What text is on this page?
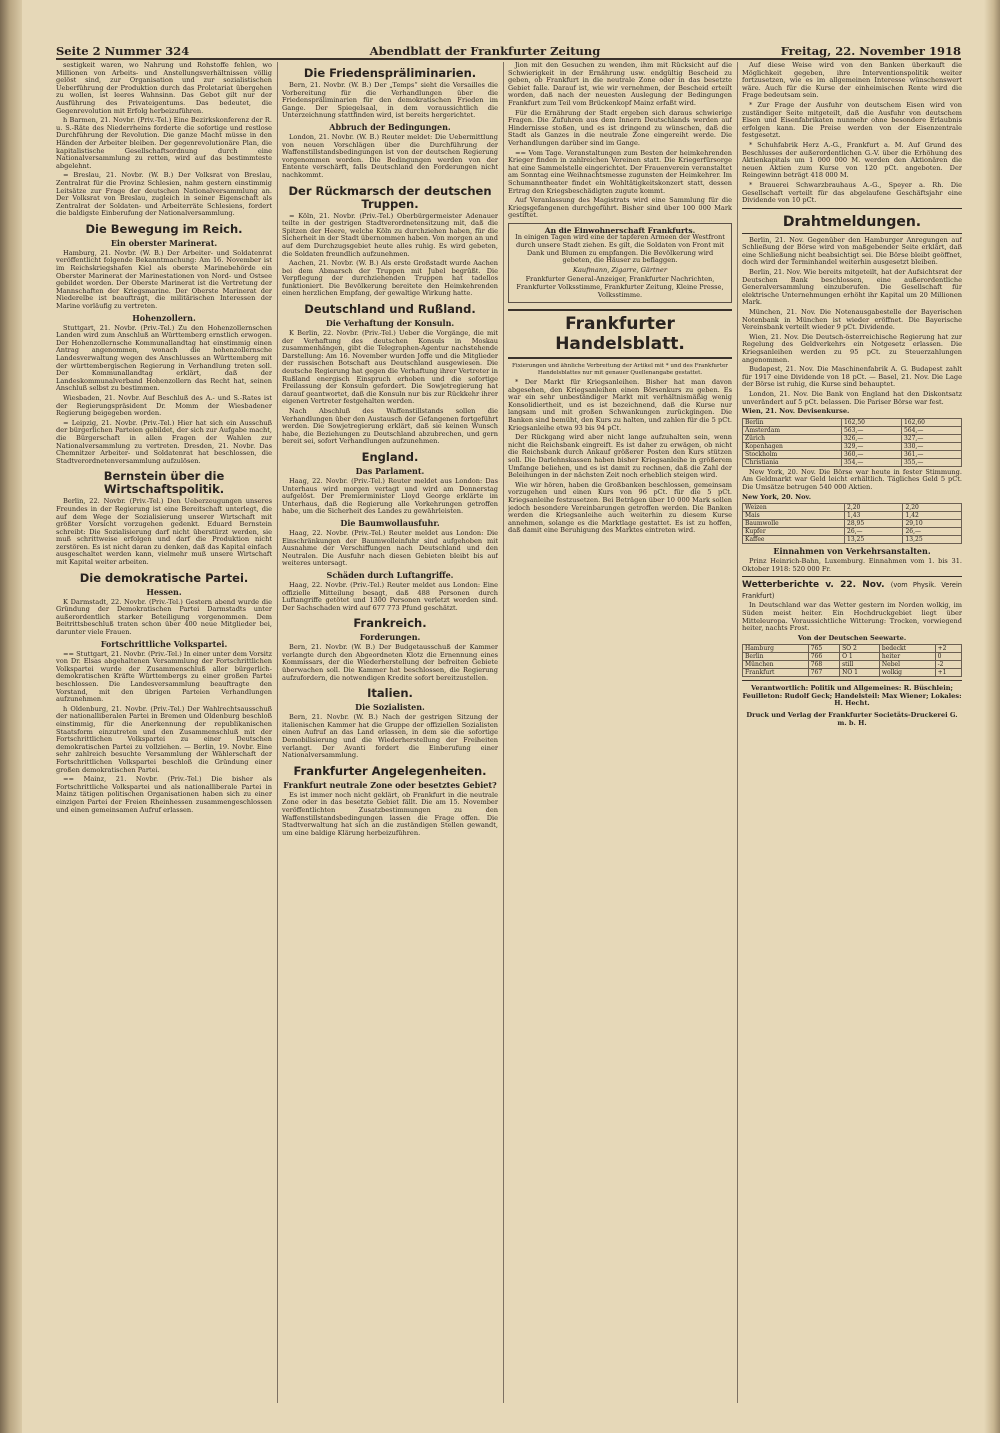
Seite 2 Nummer 324	Abendblatt der Frankfurter Zeitung	Freitag, 22. November 1918

sestigkeit waren, wo Nahrung und Rohstoffe fehlen, wo Millionen von Arbeits- und Anstellungsverhältnissen völlig gelöst sind, zur Organisation und zur sozialistischen Ueberführung der Produktion durch das Proletariat übergehen zu wollen, ist leeres Wahnsinn. Das Gebot gilt nur der Ausführung des Privateigentums. Das bedeutet, die Gegenrevolution mit Erfolg herbeizuführen.

h Barmen, 21. Novbr. (Priv.-Tel.) Eine Bezirkskonferenz der R. u. S.-Räte des Niederrheins forderte die sofortige und restlose Durchführung der Revolution. Die ganze Macht müsse in den Händen der Arbeiter bleiben. Der gegenrevolutionäre Plan, die kapitalistische Gesellschaftsordnung durch eine Nationalversammlung zu retten, wird auf das bestimmteste abgelehnt.

= Breslau, 21. Novbr. (W. B.) Der Volksrat von Breslau, Zentralrat für die Provinz Schlesien, nahm gestern einstimmig Leitsätze zur Frage der deutschen Nationalversammlung an. Der Volksrat von Breslau, zugleich in seiner Eigenschaft als Zentralrat der Soldaten- und Arbeiterräte Schlesiens, fordert die baldigste Einberufung der Nationalversammlung.

Die Bewegung im Reich.
Ein oberster Marinerat.

Hamburg, 21. Novbr. (W. B.) Der Arbeiter- und Soldatenrat veröffentlicht folgende Bekanntmachung: Am 16. November ist im Reichskriegshafen Kiel als oberste Marinebehörde ein Oberster Marinerat der Marinestationen von Nord- und Ostsee gebildet worden. Der Oberste Marinerat ist die Vertretung der Mannschaften der Kriegsmarine. Der Oberste Marinerat der Niederelbe ist beauftragt, die militärischen Interessen der Marine vorläufig zu vertreten.

Hohenzollern.

Stuttgart, 21. Novbr. (Priv.-Tel.) Zu den Hohenzollernschen Landen wird zum Anschluß an Württemberg ernstlich erwogen. Der Hohenzollernsche Kommunallandtag hat einstimmig einen Antrag angenommen, wonach die hohenzollernsche Landesverwaltung wegen des Anschlusses an Württemberg mit der württembergischen Regierung in Verhandlung treten soll. Der Kommunallandtag erklärt, daß der Landeskommunalverband Hohenzollern das Recht hat, seinen Anschluß selbst zu bestimmen.

Wiesbaden, 21. Novbr. Auf Beschluß des A.- und S.-Rates ist der Regierungspräsident Dr. Momm der Wiesbadener Regierung beigegeben worden.

= Leipzig, 21. Novbr. (Priv.-Tel.) Hier hat sich ein Ausschuß der bürgerlichen Parteien gebildet, der sich zur Aufgabe macht, die Bürgerschaft in allen Fragen der Wahlen zur Nationalversammlung zu vertreten. Dresden, 21. Novbr. Das Chemnitzer Arbeiter- und Soldatenrat hat beschlossen, die Stadtverordnetenversammlung aufzulösen.

Bernstein über die Wirtschaftspolitik.

Berlin, 22. Novbr. (Priv.-Tel.) Den Ueberzeugungen unseres Freundes in der Regierung ist eine Bereitschaft unterlegt, die auf dem Wege der Sozialisierung unserer Wirtschaft mit größter Vorsicht vorzugehen gedenkt. Eduard Bernstein schreibt: Die Sozialisierung darf nicht überstürzt werden, sie muß schrittweise erfolgen und darf die Produktion nicht zerstören. Es ist nicht daran zu denken, daß das Kapital einfach ausgeschaltet werden kann, vielmehr muß unsere Wirtschaft mit Kapital weiter arbeiten.

Die demokratische Partei.
Hessen.

K Darmstadt, 22. Novbr. (Priv.-Tel.) Gestern abend wurde die Gründung der Demokratischen Partei Darmstadts unter außerordentlich starker Beteiligung vorgenommen. Dem Beitrittsbeschluß traten schon über 400 neue Mitglieder bei, darunter viele Frauen.

Fortschrittliche Volkspartei.

== Stuttgart, 21. Novbr. (Priv.-Tel.) In einer unter dem Vorsitz von Dr. Elsas abgehaltenen Versammlung der Fortschrittlichen Volkspartei wurde der Zusammenschluß aller bürgerlich-demokratischen Kräfte Württembergs zu einer großen Partei beschlossen. Die Landesversammlung beauftragte den Vorstand, mit den übrigen Parteien Verhandlungen aufzunehmen.

h Oldenburg, 21. Novbr. (Priv.-Tel.) Der Wahlrechtsausschuß der nationalliberalen Partei in Bremen und Oldenburg beschloß einstimmig, für die Anerkennung der republikanischen Staatsform einzutreten und den Zusammenschluß mit der Fortschrittlichen Volkspartei zu einer Deutschen demokratischen Partei zu vollziehen. — Berlin, 19. Novbr. Eine sehr zahlreich besuchte Versammlung der Wählerschaft der Fortschrittlichen Volkspartei beschloß die Gründung einer großen demokratischen Partei.

== Mainz, 21. Novbr. (Priv.-Tel.) Die bisher als Fortschrittliche Volkspartei und als nationalliberale Partei in Mainz tätigen politischen Organisationen haben sich zu einer einzigen Partei der Freien Rheinhessen zusammengeschlossen und einen gemeinsamen Aufruf erlassen.

Die Friedenspräliminarien.

Bern, 21. Novbr. (W. B.) Der „Temps“ sieht die Versailles die Vorbereitung für die Verhandlungen über die Friedenspräliminarien für den demokratischen Frieden im Gange. Der Spiegelsaal, in dem voraussichtlich die Unterzeichnung stattfinden wird, ist bereits hergerichtet.

Abbruch der Bedingungen.

London, 21. Novbr. (W. B.) Reuter meldet: Die Uebermittlung von neuen Vorschlägen über die Durchführung der Waffenstillstandsbedingungen ist von der deutschen Regierung vorgenommen worden. Die Bedingungen werden von der Entente verschärft, falls Deutschland den Forderungen nicht nachkommt.

Der Rückmarsch der deutschen Truppen.

= Köln, 21. Novbr. (Priv.-Tel.) Oberbürgermeister Adenauer teilte in der gestrigen Stadtverordnetensitzung mit, daß die Spitzen der Heere, welche Köln zu durchziehen haben, für die Sicherheit in der Stadt übernommen haben. Von morgen an und auf dem Durchzugsgebiet heute alles ruhig. Es wird gebeten, die Soldaten freundlich aufzunehmen.

Aachen, 21. Novbr. (W. B.) Als erste Großstadt wurde Aachen bei dem Abmarsch der Truppen mit Jubel begrüßt. Die Verpflegung der durchziehenden Truppen hat tadellos funktioniert. Die Bevölkerung bereitete den Heimkehrenden einen herzlichen Empfang, der gewaltige Wirkung hatte.

Deutschland und Rußland.
Die Verhaftung der Konsuln.

K Berlin, 22. Novbr. (Priv.-Tel.) Ueber die Vorgänge, die mit der Verhaftung des deutschen Konsuls in Moskau zusammenhängen, gibt die Telegraphen-Agentur nachstehende Darstellung: Am 16. November wurden Joffe und die Mitglieder der russischen Botschaft aus Deutschland ausgewiesen. Die deutsche Regierung hat gegen die Verhaftung ihrer Vertreter in Rußland energisch Einspruch erhoben und die sofortige Freilassung der Konsuln gefordert. Die Sowjetregierung hat darauf geantwortet, daß die Konsuln nur bis zur Rückkehr ihrer eigenen Vertreter festgehalten werden.

Nach Abschluß des Waffenstillstands sollen die Verhandlungen über den Austausch der Gefangenen fortgeführt werden. Die Sowjetregierung erklärt, daß sie keinen Wunsch habe, die Beziehungen zu Deutschland abzubrechen, und gern bereit sei, sofort Verhandlungen aufzunehmen.

England.
Das Parlament.

Haag, 22. Novbr. (Priv.-Tel.) Reuter meldet aus London: Das Unterhaus wird morgen vertagt und wird am Donnerstag aufgelöst. Der Premierminister Lloyd George erklärte im Unterhaus, daß die Regierung alle Vorkehrungen getroffen habe, um die Sicherheit des Landes zu gewährleisten.

Die Baumwollausfuhr.

Haag, 22. Novbr. (Priv.-Tel.) Reuter meldet aus London: Die Einschränkungen der Baumwolleinfuhr sind aufgehoben mit Ausnahme der Verschiffungen nach Deutschland und den Neutralen. Die Ausfuhr nach diesen Gebieten bleibt bis auf weiteres untersagt.

Schäden durch Luftangriffe.

Haag, 22. Novbr. (Priv.-Tel.) Reuter meldet aus London: Eine offizielle Mitteilung besagt, daß 488 Personen durch Luftangriffe getötet und 1300 Personen verletzt worden sind. Der Sachschaden wird auf 677 773 Pfund geschätzt.

Frankreich.
Forderungen.

Bern, 21. Novbr. (W. B.) Der Budgetausschuß der Kammer verlangte durch den Abgeordneten Klotz die Ernennung eines Kommissars, der die Wiederherstellung der befreiten Gebiete überwachen soll. Die Kammer hat beschlossen, die Regierung aufzufordern, die notwendigen Kredite sofort bereitzustellen.

Italien.
Die Sozialisten.

Bern, 21. Novbr. (W. B.) Nach der gestrigen Sitzung der italienischen Kammer hat die Gruppe der offiziellen Sozialisten einen Aufruf an das Land erlassen, in dem sie die sofortige Demobilisierung und die Wiederherstellung der Freiheiten verlangt. Der Avanti fordert die Einberufung einer Nationalversammlung.

Frankfurter Angelegenheiten.
Frankfurt neutrale Zone oder besetztes Gebiet?

Es ist immer noch nicht geklärt, ob Frankfurt in die neutrale Zone oder in das besetzte Gebiet fällt. Die am 15. November veröffentlichten Zusatzbestimmungen zu den Waffenstillstandsbedingungen lassen die Frage offen. Die Stadtverwaltung hat sich an die zuständigen Stellen gewandt, um eine baldige Klärung herbeizuführen.

Jion mit den Gesuchen zu wenden, ihm mit Rücksicht auf die Schwierigkeit in der Ernährung usw. endgültig Bescheid zu geben, ob Frankfurt in die neutrale Zone oder in das besetzte Gebiet falle. Darauf ist, wie wir vernehmen, der Bescheid erteilt worden, daß nach der neuesten Auslegung der Bedingungen Frankfurt zum Teil vom Brückenkopf Mainz erfaßt wird.

Für die Ernährung der Stadt ergeben sich daraus schwierige Fragen. Die Zufuhren aus dem Innern Deutschlands werden auf Hindernisse stoßen, und es ist dringend zu wünschen, daß die Stadt als Ganzes in die neutrale Zone eingereiht werde. Die Verhandlungen darüber sind im Gange.

== Vom Tage. Veranstaltungen zum Besten der heimkehrenden Krieger finden in zahlreichen Vereinen statt. Die Kriegerfürsorge hat eine Sammelstelle eingerichtet. Der Frauenverein veranstaltet am Sonntag eine Weihnachtsmesse zugunsten der Heimkehrer. Im Schumanntheater findet ein Wohltätigkeitskonzert statt, dessen Ertrag den Kriegsbeschädigten zugute kommt.

Auf Veranlassung des Magistrats wird eine Sammlung für die Kriegsgefangenen durchgeführt. Bisher sind über 100 000 Mark gestiftet.

An die Einwohnerschaft Frankfurts.
In einigen Tagen wird eine der tapferen Armeen der Westfront durch unsere Stadt ziehen. Es gilt, die Soldaten von Front mit Dank und Blumen zu empfangen. Die Bevölkerung wird gebeten, die Häuser zu beflaggen.
Kaufmann, Zigarre, Gärtner
Frankfurter General-Anzeiger, Frankfurter Nachrichten, Frankfurter Volksstimme, Frankfurter Zeitung, Kleine Presse, Volksstimme.
Frankfurter Handelsblatt.
Fixierungen und ähnliche Verbreitung der Artikel mit * und des Frankfurter Handelsblattes nur mit genauer Quellenangabe gestattet.

* Der Markt für Kriegsanleihen. Bisher hat man davon abgesehen, den Kriegsanleihen einen Börsenkurs zu geben. Es war ein sehr unbeständiger Markt mit verhältnismäßig wenig Konsolidiertheit, und es ist bezeichnend, daß die Kurse nur langsam und mit großen Schwankungen zurückgingen. Die Banken sind bemüht, den Kurs zu halten, und zahlen für die 5 pCt. Kriegsanleihe etwa 93 bis 94 pCt.

Der Rückgang wird aber nicht lange aufzuhalten sein, wenn nicht die Reichsbank eingreift. Es ist daher zu erwägen, ob nicht die Reichsbank durch Ankauf größerer Posten den Kurs stützen soll. Die Darlehnskassen haben bisher Kriegsanleihe in größerem Umfange beliehen, und es ist damit zu rechnen, daß die Zahl der Beleihungen in der nächsten Zeit noch erheblich steigen wird.

Wie wir hören, haben die Großbanken beschlossen, gemeinsam vorzugehen und einen Kurs von 96 pCt. für die 5 pCt. Kriegsanleihe festzusetzen. Bei Beträgen über 10 000 Mark sollen jedoch besondere Vereinbarungen getroffen werden. Die Banken werden die Kriegsanleihe auch weiterhin zu diesem Kurse annehmen, solange es die Marktlage gestattet. Es ist zu hoffen, daß damit eine Beruhigung des Marktes eintreten wird.

Auf diese Weise wird von den Banken überkauft die Möglichkeit gegeben, ihre Interventionspolitik weiter fortzusetzen, wie es im allgemeinen Interesse wünschenswert wäre. Auch für die Kurse der einheimischen Rente wird die Frage bedeutsam sein.

* Zur Frage der Ausfuhr von deutschem Eisen wird von zuständiger Seite mitgeteilt, daß die Ausfuhr von deutschem Eisen und Eisenfabrikaten nunmehr ohne besondere Erlaubnis erfolgen kann. Die Preise werden von der Eisenzentrale festgesetzt.

* Schuhfabrik Herz A.-G., Frankfurt a. M. Auf Grund des Beschlusses der außerordentlichen G.-V. über die Erhöhung des Aktienkapitals um 1 000 000 M. werden den Aktionären die neuen Aktien zum Kurse von 120 pCt. angeboten. Der Reingewinn beträgt 418 000 M.

* Brauerei Schwarzbrauhaus A.-G., Speyer a. Rh. Die Gesellschaft verteilt für das abgelaufene Geschäftsjahr eine Dividende von 10 pCt.

Drahtmeldungen.

Berlin, 21. Nov. Gegenüber den Hamburger Anregungen auf Schließung der Börse wird von maßgebender Seite erklärt, daß eine Schließung nicht beabsichtigt sei. Die Börse bleibt geöffnet, doch wird der Terminhandel weiterhin ausgesetzt bleiben.

Berlin, 21. Nov. Wie bereits mitgeteilt, hat der Aufsichtsrat der Deutschen Bank beschlossen, eine außerordentliche Generalversammlung einzuberufen. Die Gesellschaft für elektrische Unternehmungen erhöht ihr Kapital um 20 Millionen Mark.

München, 21. Nov. Die Notenausgabestelle der Bayerischen Notenbank in München ist wieder eröffnet. Die Bayerische Vereinsbank verteilt wieder 9 pCt. Dividende.

Wien, 21. Nov. Die Deutsch-österreichische Regierung hat zur Regelung des Geldverkehrs ein Notgesetz erlassen. Die Kriegsanleihen werden zu 95 pCt. zu Steuerzahlungen angenommen.

Budapest, 21. Nov. Die Maschinenfabrik A. G. Budapest zahlt für 1917 eine Dividende von 18 pCt. — Basel, 21. Nov. Die Lage der Börse ist ruhig, die Kurse sind behauptet.

London, 21. Nov. Die Bank von England hat den Diskontsatz unverändert auf 5 pCt. belassen. Die Pariser Börse war fest.

Wien, 21. Nov. Devisenkurse.
Berlin	162,50	162,60
Amsterdam	563,—	564,—
Zürich	326,—	327,—
Kopenhagen	329,—	330,—
Stockholm	360,—	361,—
Christiania	354,—	355,—

New York, 20. Nov. Die Börse war heute in fester Stimmung. Am Geldmarkt war Geld leicht erhältlich. Tägliches Geld 5 pCt. Die Umsätze betrugen 540 000 Aktien.

New York, 20. Nov.
Weizen	2,20	2,20
Mais	1,43	1,42
Baumwolle	28,95	29,10
Kupfer	26,—	26,—
Kaffee	13,25	13,25
Einnahmen von Verkehrsanstalten.

Prinz Heinrich-Bahn, Luxemburg. Einnahmen vom 1. bis 31. Oktober 1918: 520 000 Fr.

Wetterberichte v. 22. Nov. (vom Physik. Verein Frankfurt)

In Deutschland war das Wetter gestern im Norden wolkig, im Süden meist heiter. Ein Hochdruckgebiet liegt über Mitteleuropa. Voraussichtliche Witterung: Trocken, vorwiegend heiter, nachts Frost.

Von der Deutschen Seewarte.
Hamburg	765	SO 2	bedeckt	+2
Berlin	766	O 1	heiter	0
München	768	still	Nebel	-2
Frankfurt	767	NO 1	wolkig	+1
Verantwortlich: Politik und Allgemeines: R. Büschlein; Feuilleton: Rudolf Geck; Handelsteil: Max Wiener; Lokales: H. Hecht.
Druck und Verlag der Frankfurter Societäts-Druckerei G. m. b. H.
